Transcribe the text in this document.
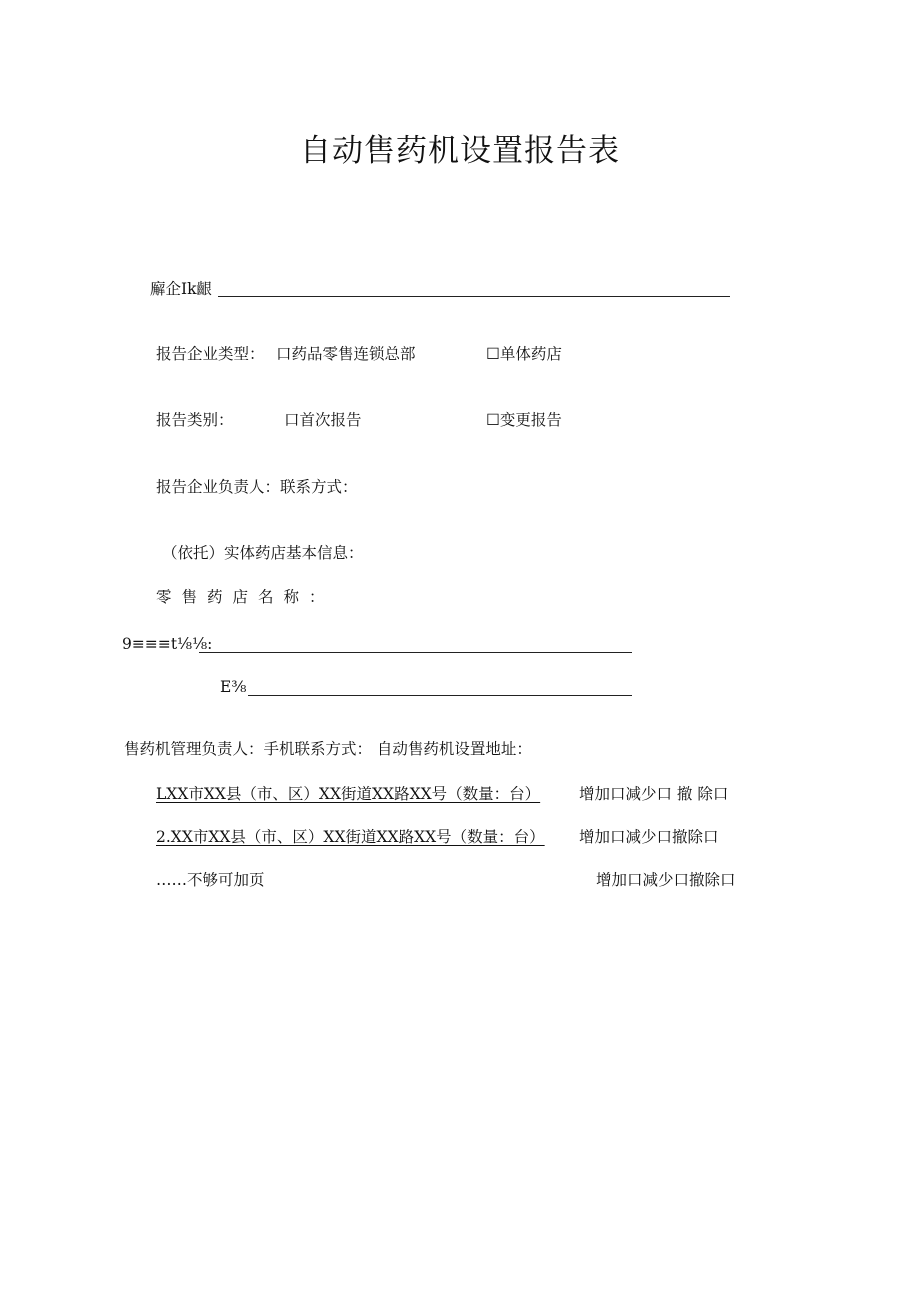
自动售药机设置报告表
廨企Ik齦
报告企业类型： 口药品零售连锁总部	☐单体药店
报告类别：	口首次报告	☐变更报告
报告企业负责人：联系方式：
（依托）实体药店基本信息：
零售药店名称：
9≡≡≡t⅛⅛:
E⅜
售药机管理负责人：手机联系方式： 自动售药机设置地址：
LXX市XX县（市、区）XX街道XX路XX号（数量：台）	增加口减少口 撤 除口
2.XX市XX县（市、区）XX街道XX路XX号（数量：台） 增加口减少口撤除口
……不够可加页	增加口减少口撤除口
